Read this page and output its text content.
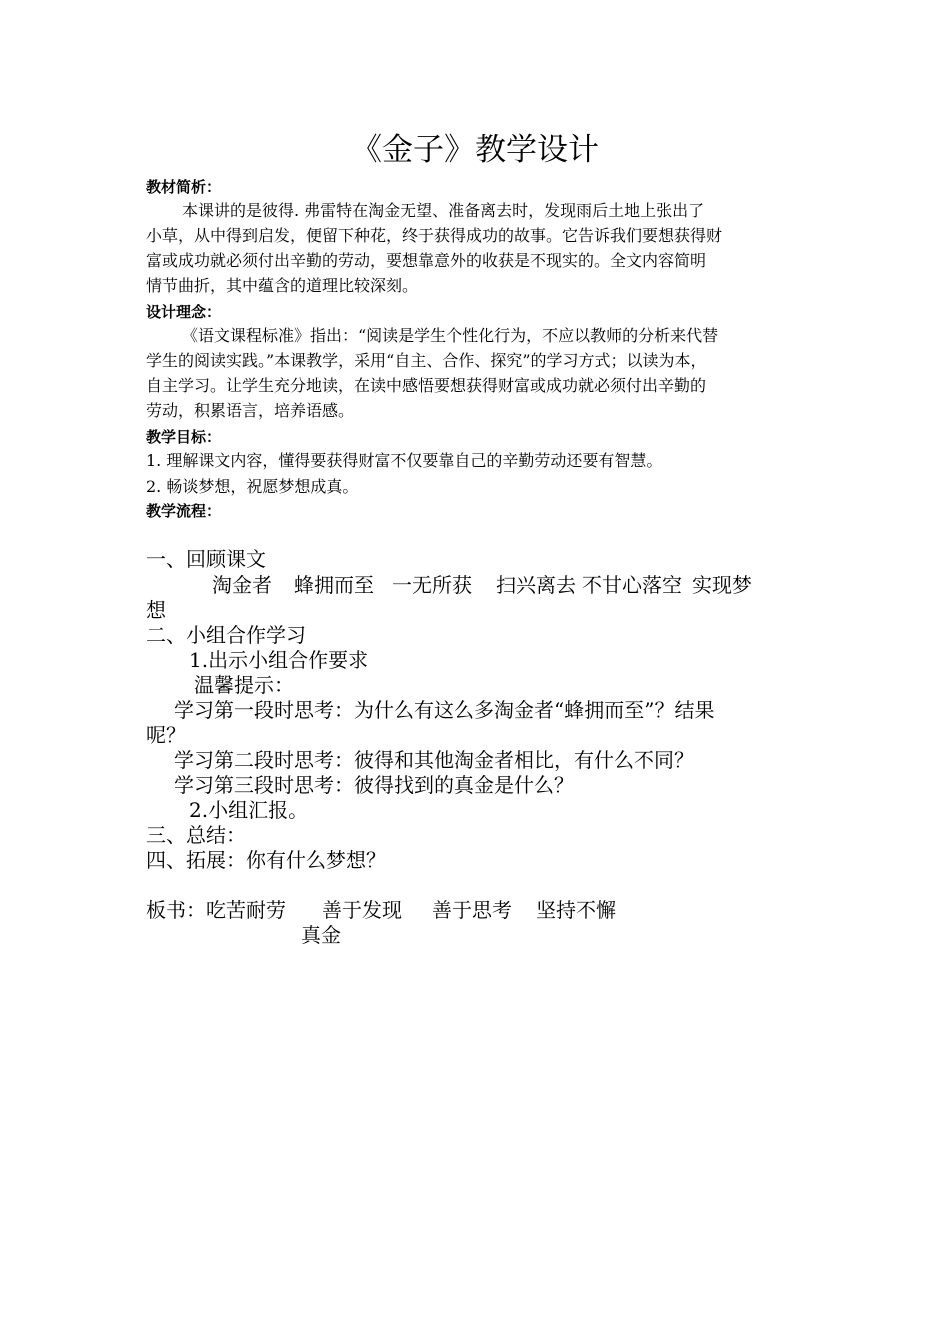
《金子》教学设计
教材简析：
本课讲的是彼得. 弗雷特在淘金无望、准备离去时，发现雨后土地上张出了
小草，从中得到启发，便留下种花，终于获得成功的故事。它告诉我们要想获得财
富或成功就必须付出辛勤的劳动，要想靠意外的收获是不现实的。全文内容简明
情节曲折，其中蕴含的道理比较深刻。
设计理念：
《语文课程标准》指出：“阅读是学生个性化行为，不应以教师的分析来代替
学生的阅读实践。”本课教学，采用“自主、合作、探究”的学习方式；以读为本，
自主学习。让学生充分地读，在读中感悟要想获得财富或成功就必须付出辛勤的
劳动，积累语言，培养语感。
教学目标：
1. 理解课文内容，懂得要获得财富不仅要靠自己的辛勤劳动还要有智慧。
2. 畅谈梦想，祝愿梦想成真。
教学流程：
一、回顾课文
淘金者 蜂拥而至 一无所获 扫兴离去 不甘心落空 实现梦
想
二、小组合作学习
1.出示小组合作要求
温馨提示：
学习第一段时思考：为什么有这么多淘金者“蜂拥而至”？结果
呢？
学习第二段时思考：彼得和其他淘金者相比，有什么不同？
学习第三段时思考：彼得找到的真金是什么？
2.小组汇报。
三、总结：
四、拓展：你有什么梦想？
板书：吃苦耐劳 善于发现 善于思考 坚持不懈
真金
